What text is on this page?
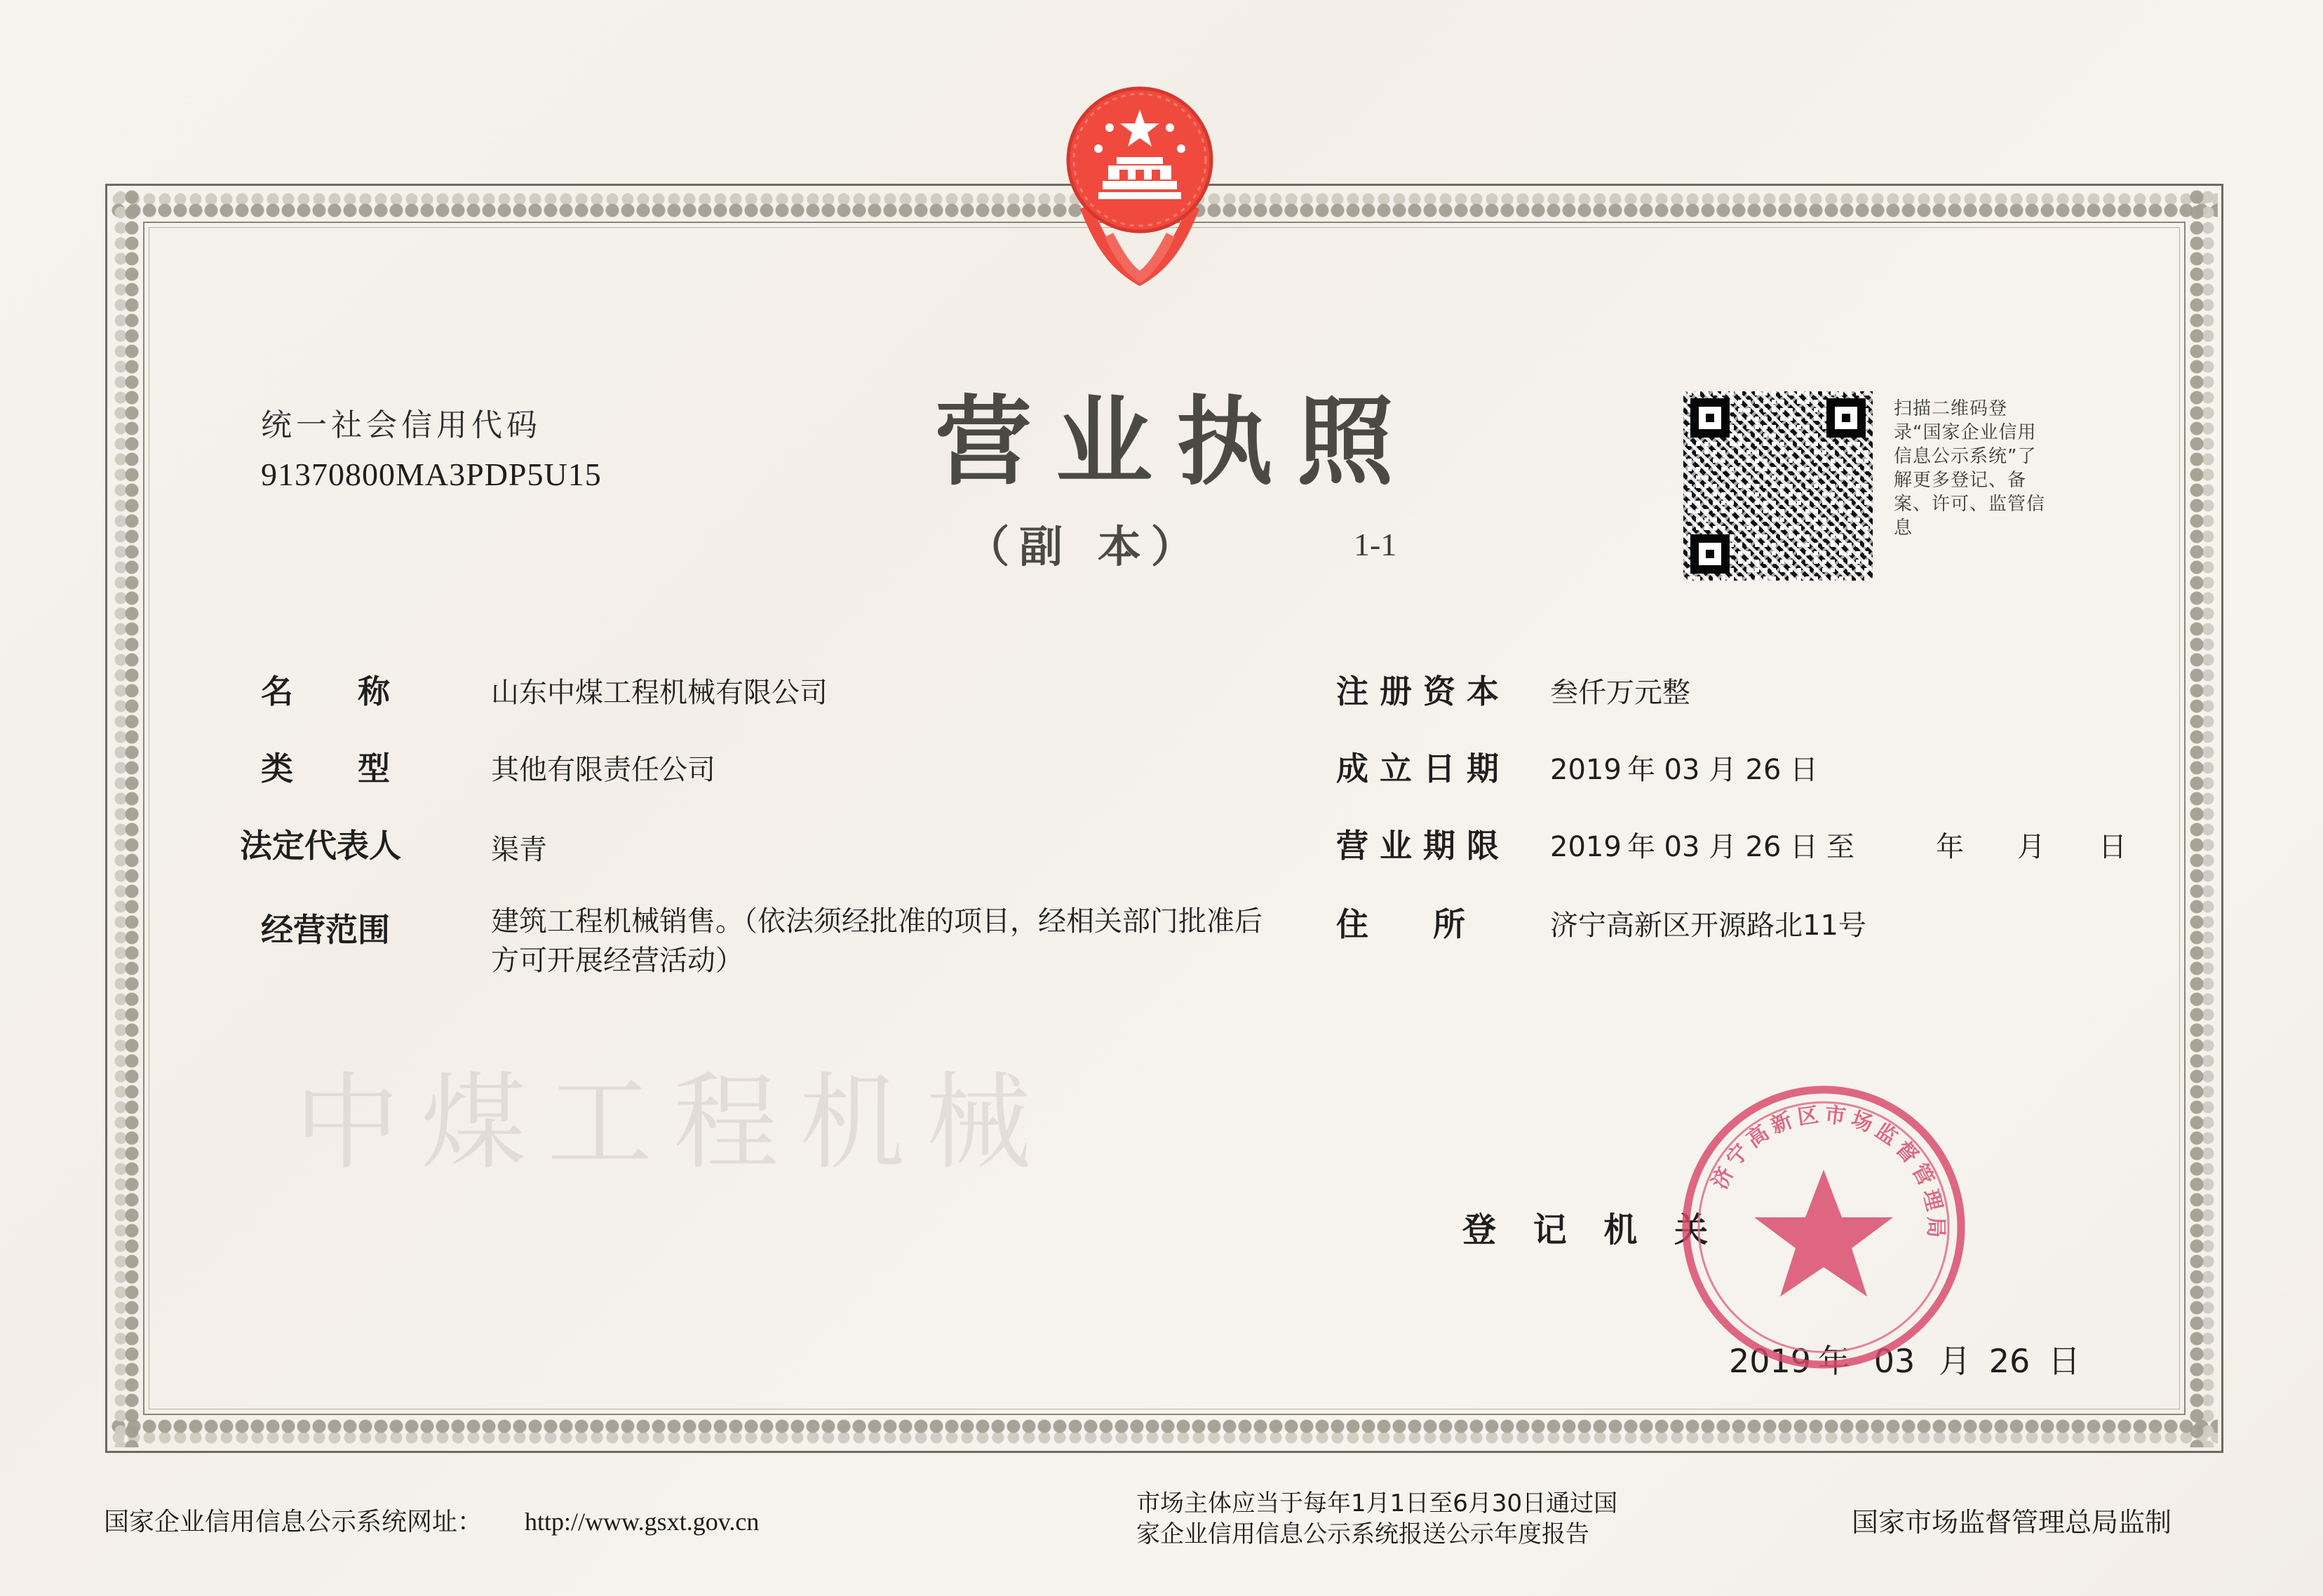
中煤工程机械
统一社会信用代码
91370800MA3PDP5U15	营业执照
（副 本）	1-1
扫描二维码登录“国家企业信用信息公示系统”了解更多登记、备案、许可、监管信息
名　　称	山东中煤工程机械有限公司
类　　型	其他有限责任公司
法定代表人	渠青
经营范围	建筑工程机械销售。（依法须经批准的项目，经相关部门批准后方可开展经营活动）
注 册 资 本 叁仟万元整
成 立 日 期 2019 年 03 月 26 日
营 业 期 限 2019 年 03 月 26 日 至	年 月 日
住　　所	济宁高新区开源路北11号
登 记 机 关
2019 年 03 月 26 日
济
宁
高
新 区 市 场
监
督
管
理
局
国家企业信用信息公示系统网址： http://www.gsxt.gov.cn
市场主体应当于每年1月1日至6月30日通过国
家企业信用信息公示系统报送公示年度报告	国家市场监督管理总局监制
